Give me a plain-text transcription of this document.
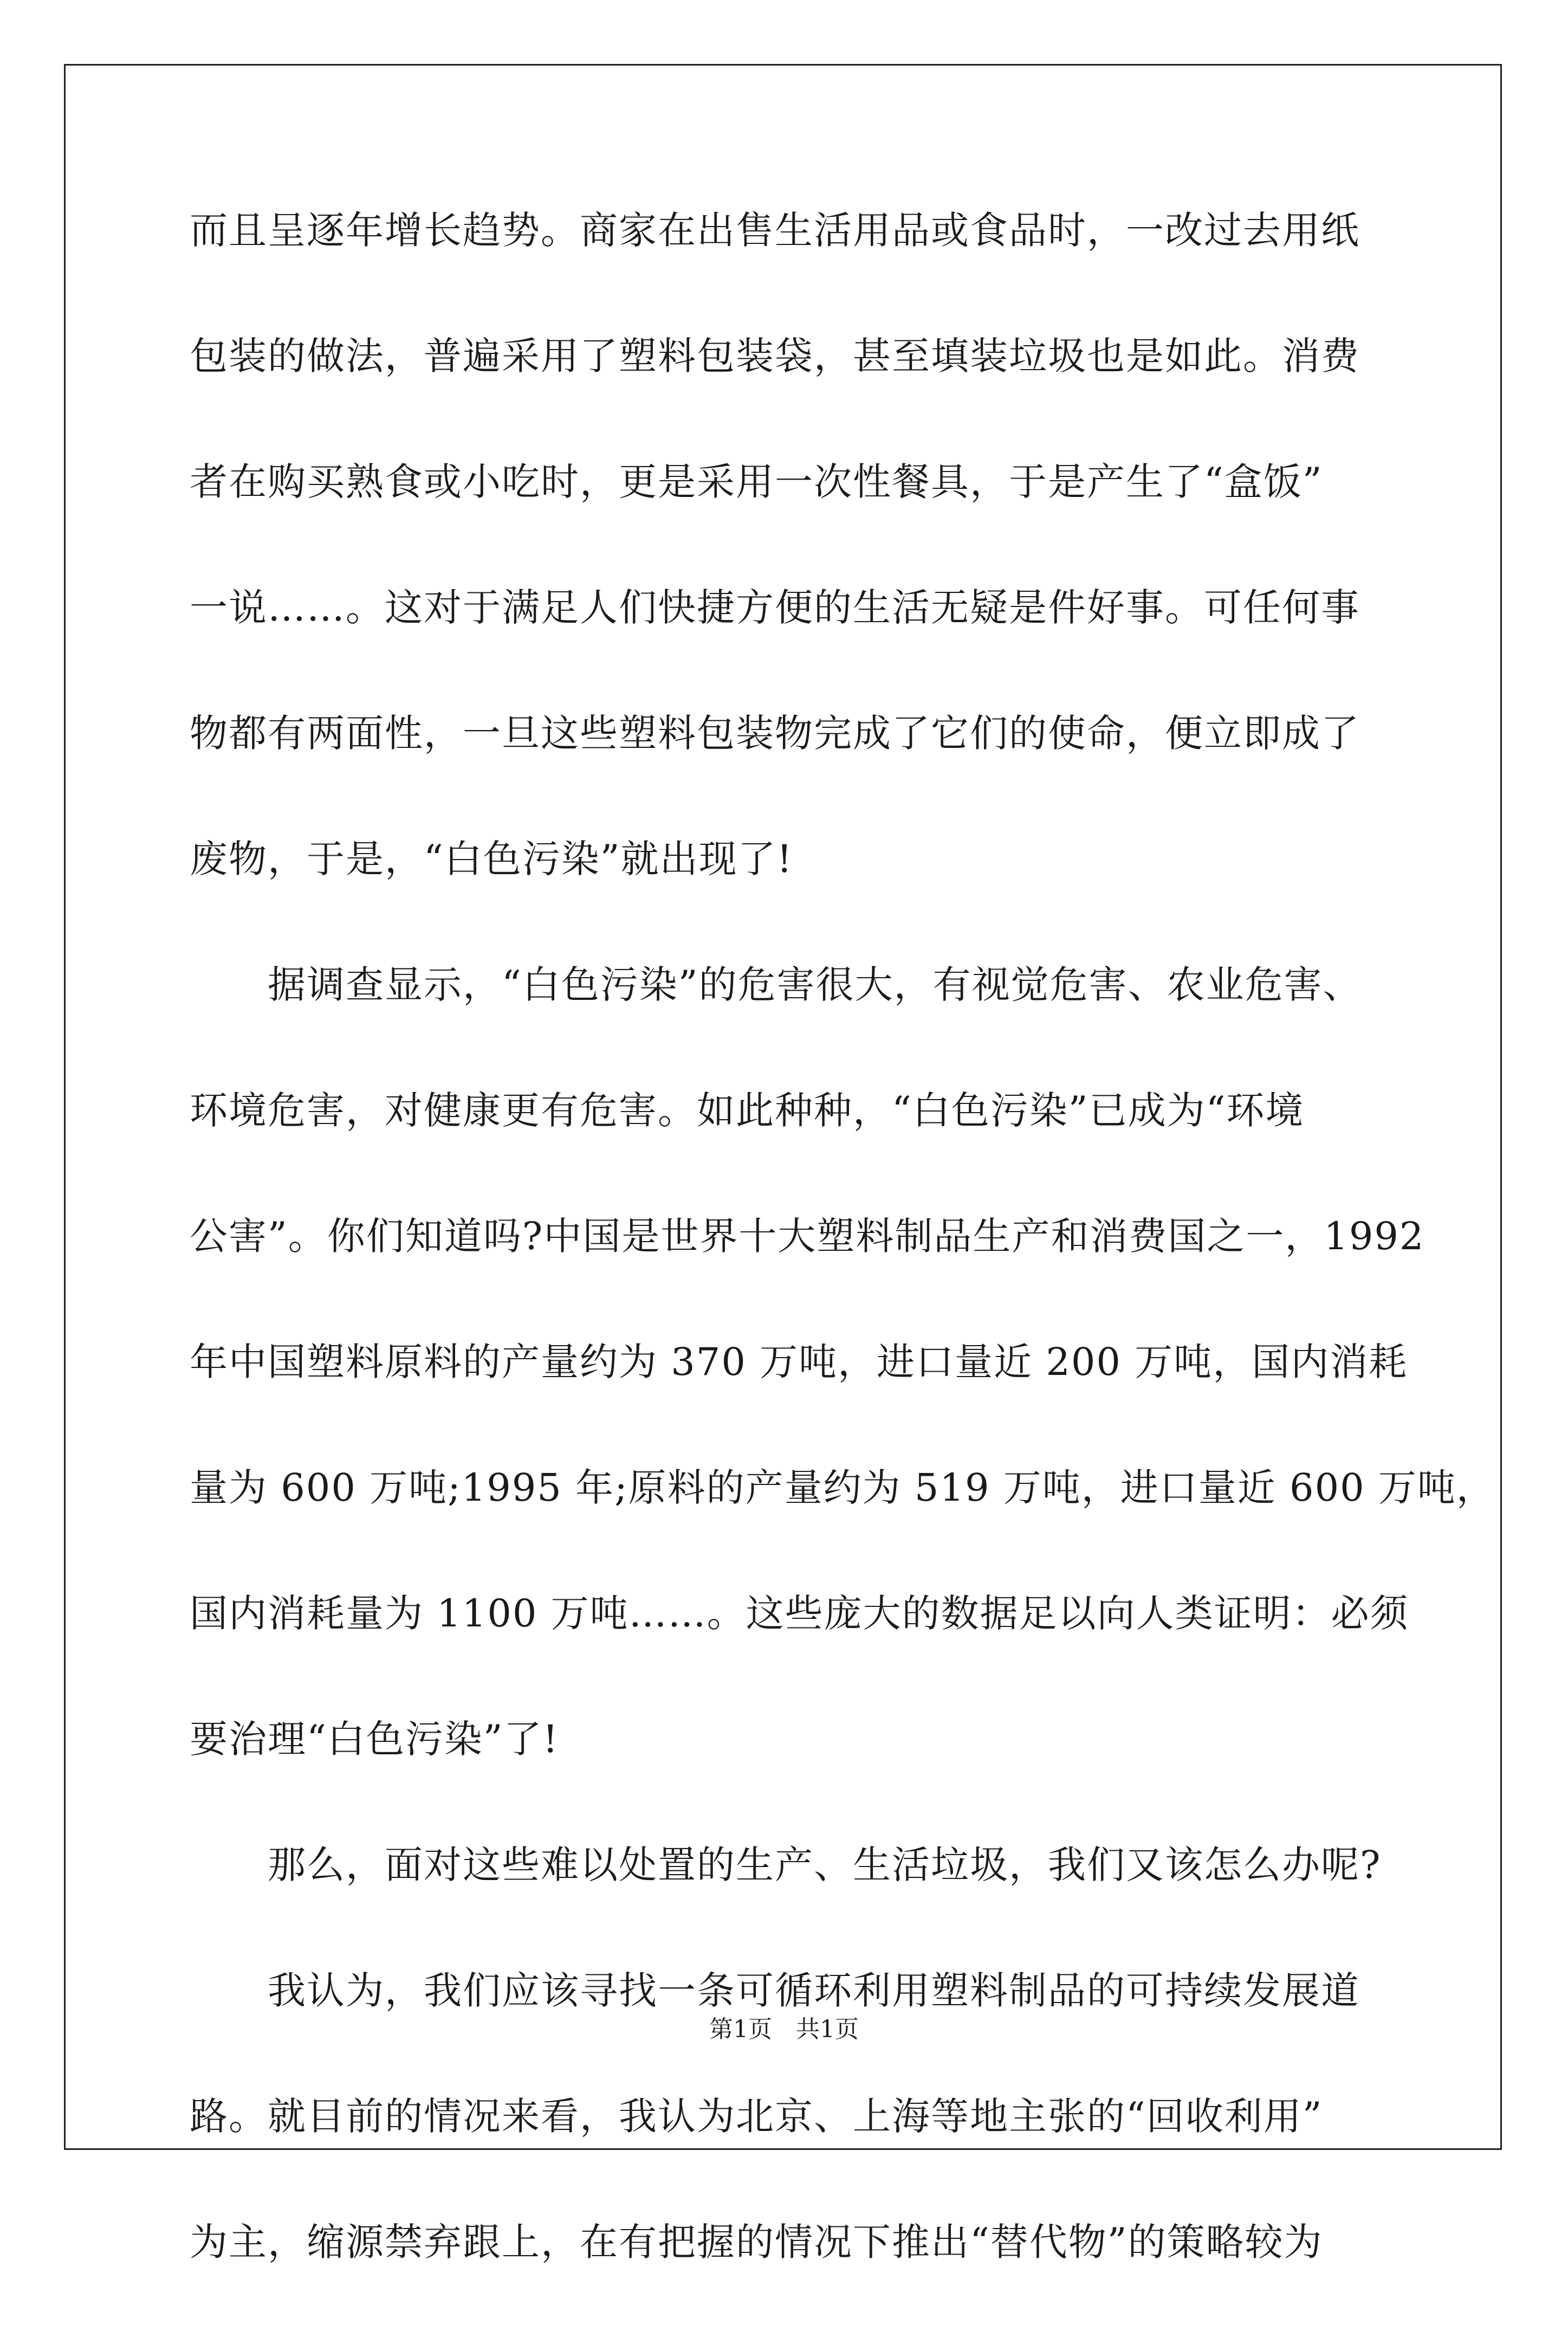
而且呈逐年增长趋势。商家在出售生活用品或食品时，一改过去用纸
包装的做法，普遍采用了塑料包装袋，甚至填装垃圾也是如此。消费
者在购买熟食或小吃时，更是采用一次性餐具，于是产生了“盒饭”
一说……。这对于满足人们快捷方便的生活无疑是件好事。可任何事
物都有两面性，一旦这些塑料包装物完成了它们的使命，便立即成了
废物，于是，“白色污染”就出现了!
　　据调查显示，“白色污染”的危害很大，有视觉危害、农业危害、
环境危害，对健康更有危害。如此种种，“白色污染”已成为“环境
公害”。你们知道吗?中国是世界十大塑料制品生产和消费国之一，1992
年中国塑料原料的产量约为 370 万吨，进口量近 200 万吨，国内消耗
量为 600 万吨;1995 年;原料的产量约为 519 万吨，进口量近 600 万吨，
国内消耗量为 1100 万吨……。这些庞大的数据足以向人类证明：必须
要治理“白色污染”了!
　　那么，面对这些难以处置的生产、生活垃圾，我们又该怎么办呢?
　　我认为，我们应该寻找一条可循环利用塑料制品的可持续发展道
路。就目前的情况来看，我认为北京、上海等地主张的“回收利用”
为主，缩源禁弃跟上，在有把握的情况下推出“替代物”的策略较为
第1页　共1页
